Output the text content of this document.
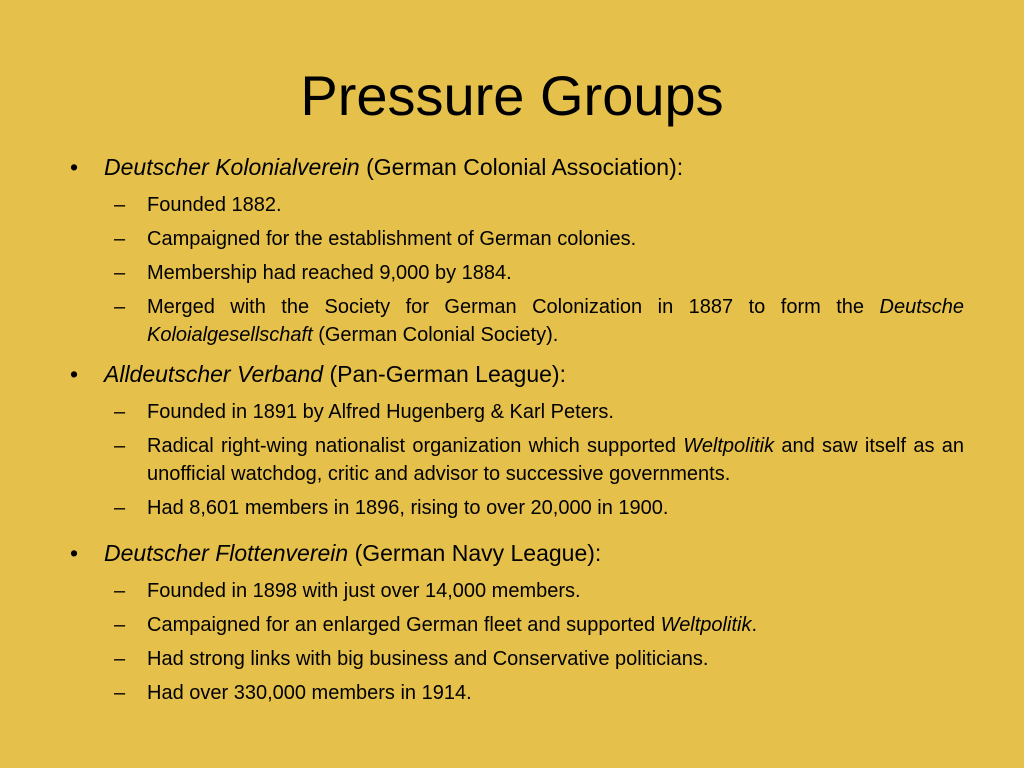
Pressure Groups
• Deutscher Kolonialverein (German Colonial Association):
– Founded 1882.
– Campaigned for the establishment of German colonies.
– Membership had reached 9,000 by 1884.
– Merged with the Society for German Colonization in 1887 to form the Deutsche Koloialgesellschaft (German Colonial Society).
• Alldeutscher Verband (Pan-German League):
– Founded in 1891 by Alfred Hugenberg & Karl Peters.
– Radical right-wing nationalist organization which supported Weltpolitik and saw itself as an unofficial watchdog, critic and advisor to successive governments.
– Had 8,601 members in 1896, rising to over 20,000 in 1900.
• Deutscher Flottenverein (German Navy League):
– Founded in 1898 with just over 14,000 members.
– Campaigned for an enlarged German fleet and supported Weltpolitik.
– Had strong links with big business and Conservative politicians.
– Had over 330,000 members in 1914.
